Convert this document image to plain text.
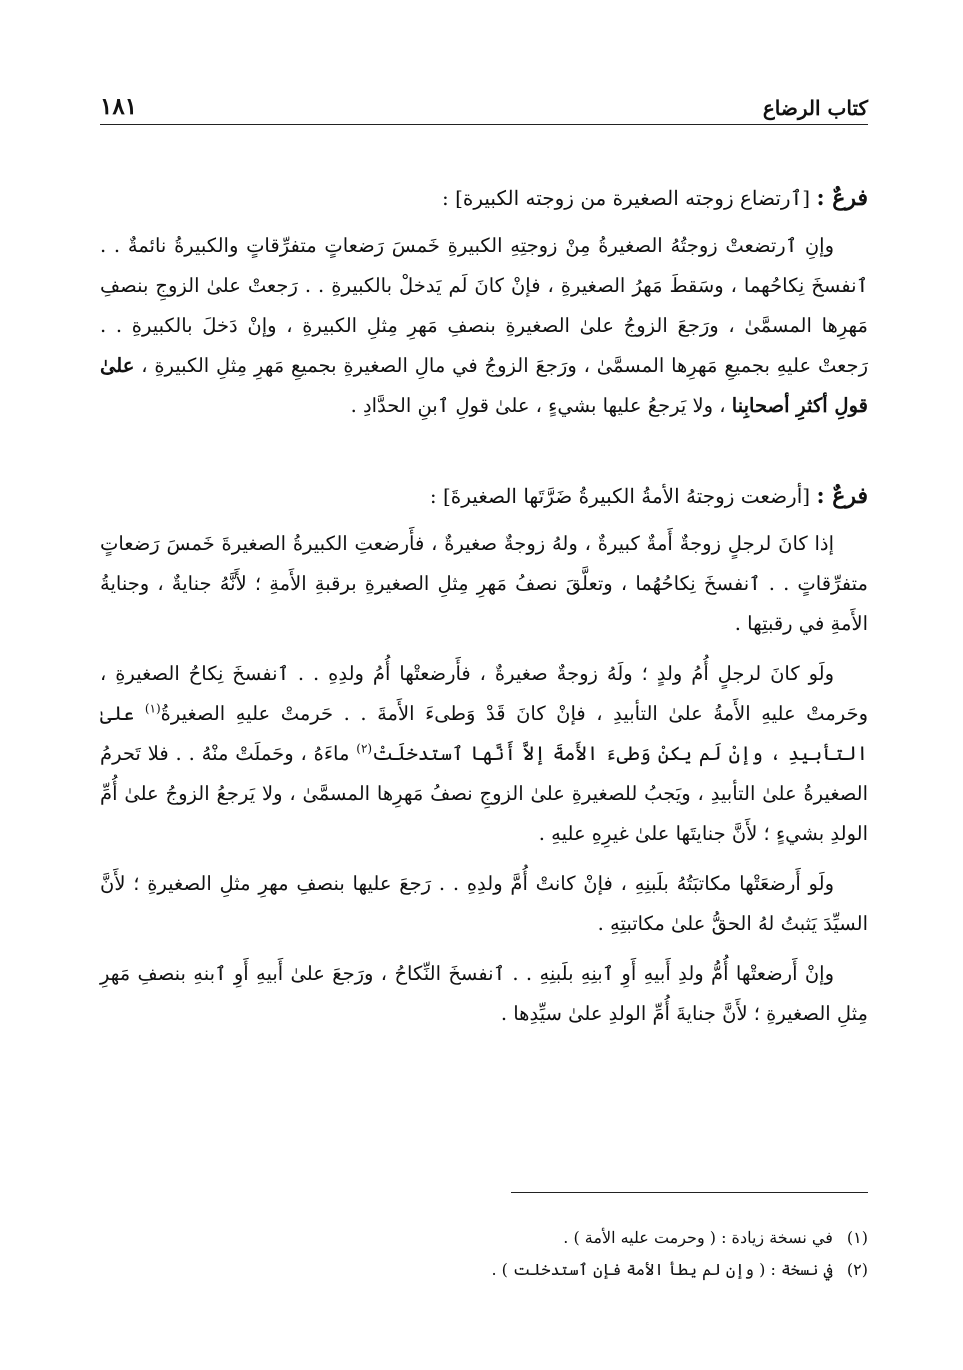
كتاب الرضاع
١٨١
فرعٌ : [ٱرتضاع زوجته الصغيرة من زوجته الكبيرة] :

وإنِ ٱرتضعتْ زوجتُهُ الصغيرةُ مِنْ زوجتِهِ الكبيرةِ خَمسَ رَضعاتٍ متفرِّقاتٍ والكبيرةُ نائمةٌ . . ٱنفسخَ نِكاحُهما ، وسَقطَ مَهرُ الصغيرةِ ، فإنْ كانَ لَم يَدخلْ بالكبيرةِ . . رَجعتْ علىٰ الزوجِ بنصفِ مَهرِها المسمَّىٰ ، ورَجعَ الزوجُ علىٰ الصغيرةِ بنصفِ مَهرِ مِثلِ الكبيرةِ ، وإنْ دَخلَ بالكبيرةِ . . رَجعتْ عليهِ بجميعِ مَهرِها المسمَّىٰ ، ورَجعَ الزوجُ في مالِ الصغيرةِ بجميعِ مَهرِ مِثلِ الكبيرةِ ، علىٰ قولِ أكثرِ أصحابِنا ، ولا يَرجعُ عليها بشيءٍ ، علىٰ قولِ ٱبنِ الحدَّادِ .

فرعٌ : [أرضعت زوجتهُ الأمةُ الكبيرةُ ضَرَّتَها الصغيرةَ] :

إذا كانَ لرجلٍ زوجةٌ أَمةٌ كبيرةٌ ، ولهُ زوجةٌ صغيرةٌ ، فأَرضعتِ الكبيرةُ الصغيرةَ خَمسَ رَضعاتٍ متفرِّقاتٍ . . ٱنفسخَ نِكاحُهُما ، وتعلَّقَ نصفُ مَهرِ مِثلِ الصغيرةِ برقبةِ الأَمةِ ؛ لأَنَّهُ جنايةٌ ، وجنايةُ الأَمةِ في رقبتِها .

ولَو كانَ لرجلٍ أُمُ ولدٍ ؛ ولَهُ زوجةٌ صغيرةٌ ، فأَرضعتْها أُمُ ولدِهِ . . ٱنفسخَ نِكاحُ الصغيرةِ ، وحَرمتْ عليهِ الأَمةُ علىٰ التأبيدِ ، فإنْ كانَ قَدْ وَطىءَ الأَمةَ . . حَرمتْ عليهِ الصغيرةُ$^{(١)}$ علىٰ التأبيدِ ، وإنْ لَم يكنْ وَطىءَ الأَمةَ إلاَّ أَنَّها ٱستدخلَتْ$^{(٢)}$ ماءَهُ ، وحَملَتْ منْهُ . . فلا تَحرمُ الصغيرةُ علىٰ التأبيدِ ، ويَجبُ للصغيرةِ علىٰ الزوجِ نصفُ مَهرِها المسمَّىٰ ، ولا يَرجعُ الزوجُ علىٰ أُمِّ الولدِ بشيءٍ ؛ لأَنَّ جنايتَها علىٰ غيرِهِ عليهِ .

ولَو أَرضعَتْها مكاتبَتُهُ بلَبنِهِ ، فإنْ كانتْ أُمَّ ولدِهِ . . رَجعَ عليها بنصفِ مهرِ مثلِ الصغيرةِ ؛ لأَنَّ السيِّدَ يَثبتُ لهُ الحقُّ علىٰ مكاتبتِهِ .

وإنْ أَرضعتْها أُمُّ ولدِ أَبيهِ أَوِ ٱبنِهِ بلَبنِهِ . . ٱنفسخَ النِّكاحُ ، ورَجعَ علىٰ أَبيهِ أَوِ ٱبنهِ بنصفِ مَهرِ مِثلِ الصغيرةِ ؛ لأَنَّ جنايةَ أُمِّ الولدِ علىٰ سيِّدِها .

(١)
في نسخة زيادة : ( وحرمت عليه الأمة ) .
(٢)
في نسخة : ( وإن لم يطأ الأمة فإن ٱستدخلت ) .
